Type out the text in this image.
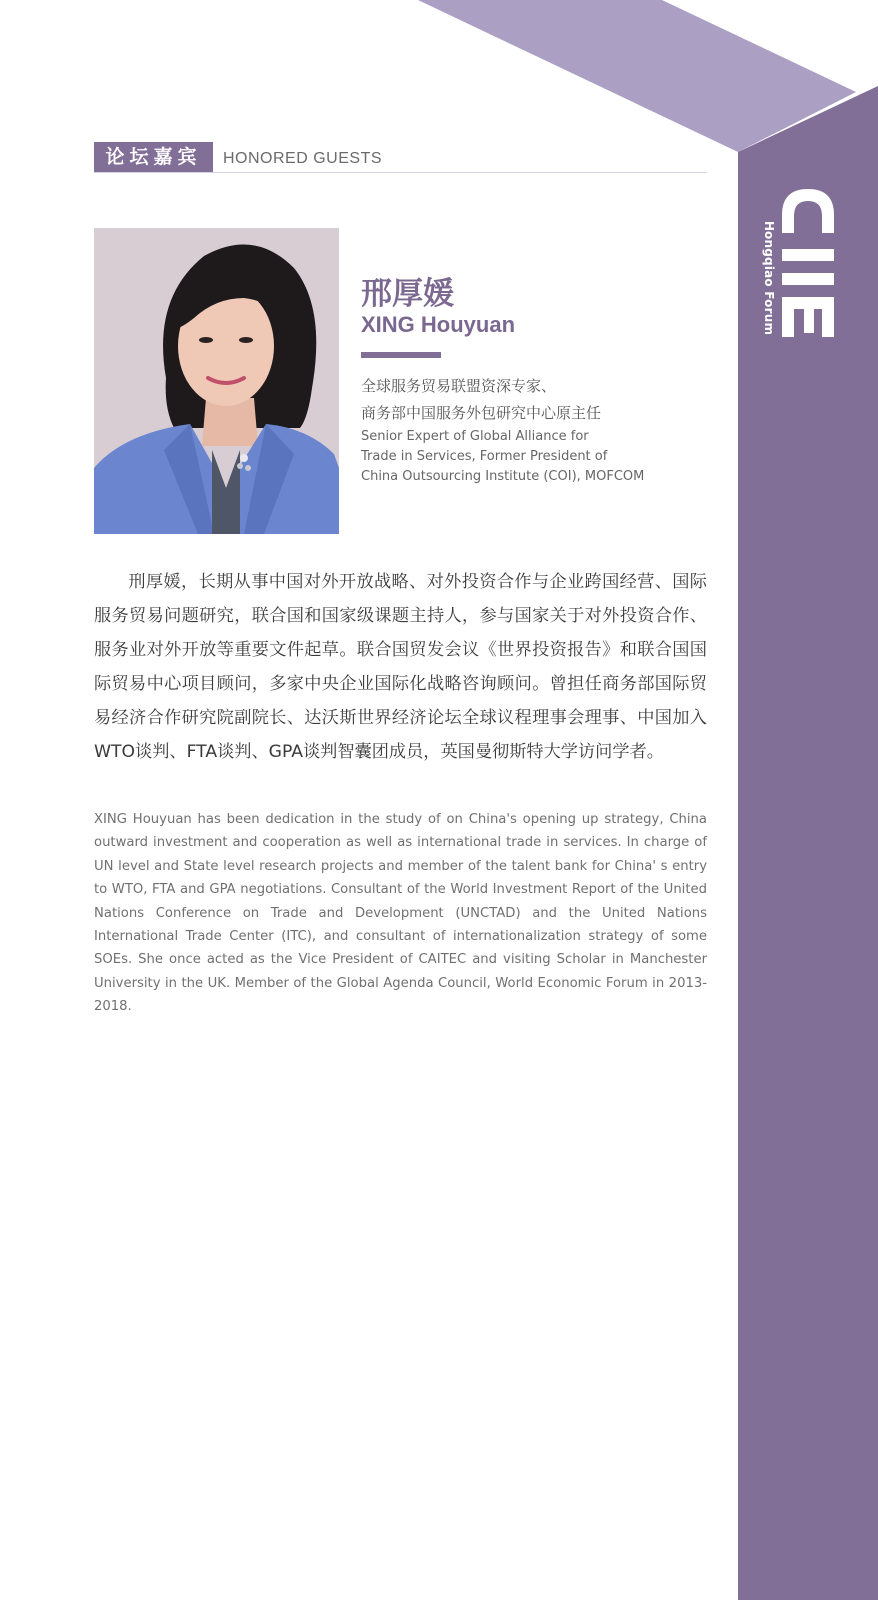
Hongqiao Forum
论坛嘉宾	HONORED GUESTS
邢厚媛
XING Houyuan
全球服务贸易联盟资深专家、
商务部中国服务外包研究中心原主任
Senior Expert of Global Alliance for
Trade in Services, Former President of
China Outsourcing Institute (COI), MOFCOM

刑厚媛，长期从事中国对外开放战略、对外投资合作与企业跨国经营、国际服务贸易问题研究，联合国和国家级课题主持人，参与国家关于对外投资合作、服务业对外开放等重要文件起草。联合国贸发会议《世界投资报告》和联合国国际贸易中心项目顾问，多家中央企业国际化战略咨询顾问。曾担任商务部国际贸易经济合作研究院副院长、达沃斯世界经济论坛全球议程理事会理事、中国加入WTO谈判、FTA谈判、GPA谈判智囊团成员，英国曼彻斯特大学访问学者。

XING Houyuan has been dedication in the study of on China's opening up strategy, China outward investment and cooperation as well as international trade in services. In charge of UN level and State level research projects and member of the talent bank for China' s entry to WTO, FTA and GPA negotiations. Consultant of the World Investment Report of the United Nations Conference on Trade and Development (UNCTAD) and the United Nations International Trade Center (ITC), and consultant of internationalization strategy of some SOEs. She once acted as the Vice President of CAITEC and visiting Scholar in Manchester University in the UK. Member of the Global Agenda Council, World Economic Forum in 2013-2018.
